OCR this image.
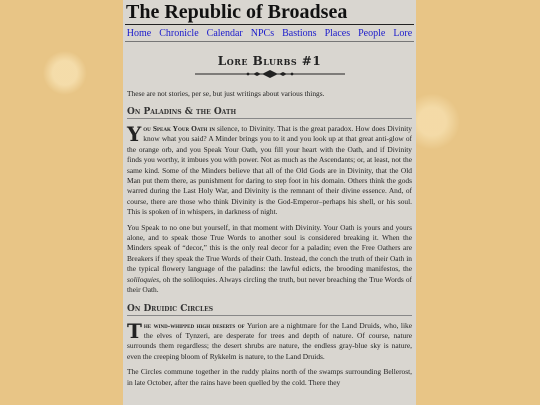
The Republic of Broadsea
Home Chronicle Calendar NPCs Bastions Places People Lore
Lore Blurbs #1

These are not stories, per se, but just writings about various things.

On Paladins & the Oath

You Speak Your Oath in silence, to Divinity. That is the great paradox. How does Divinity know what you said? A Minder brings you to it and you look up at that great anti-glow of the orange orb, and you Speak Your Oath, you fill your heart with the Oath, and if Divinity finds you worthy, it imbues you with power. Not as much as the Ascendants; or, at least, not the same kind. Some of the Minders believe that all of the Old Gods are in Divinity, that the Old Man put them there, as punishment for daring to step foot in his domain. Others think the gods warred during the Last Holy War, and Divinity is the remnant of their divine essence. And, of course, there are those who think Divinity is the God-Emperor–perhaps his shell, or his soul. This is spoken of in whispers, in darkness of night.

You Speak to no one but yourself, in that moment with Divinity. Your Oath is yours and yours alone, and to speak those True Words to another soul is considered breaking it. When the Minders speak of “decor,” this is the only real decor for a paladin; even the Free Oathers are Breakers if they speak the True Words of their Oath. Instead, the conch the truth of their Oath in the typical flowery language of the paladins: the lawful edicts, the brooding manifestos, the soliloquies, oh the soliloquies. Always circling the truth, but never breaching the True Words of their Oath.

On Druidic Circles

The wind-whipped high deserts of Yurion are a nightmare for the Land Druids, who, like the elves of Tynzeri, are desperate for trees and depth of nature. Of course, nature surrounds them regardless; the desert shrubs are nature, the endless gray-blue sky is nature, even the creeping bloom of Rykkelm is nature, to the Land Druids.

The Circles commune together in the ruddy plains north of the swamps surrounding Bellerost, in late October, after the rains have been quelled by the cold. There they
